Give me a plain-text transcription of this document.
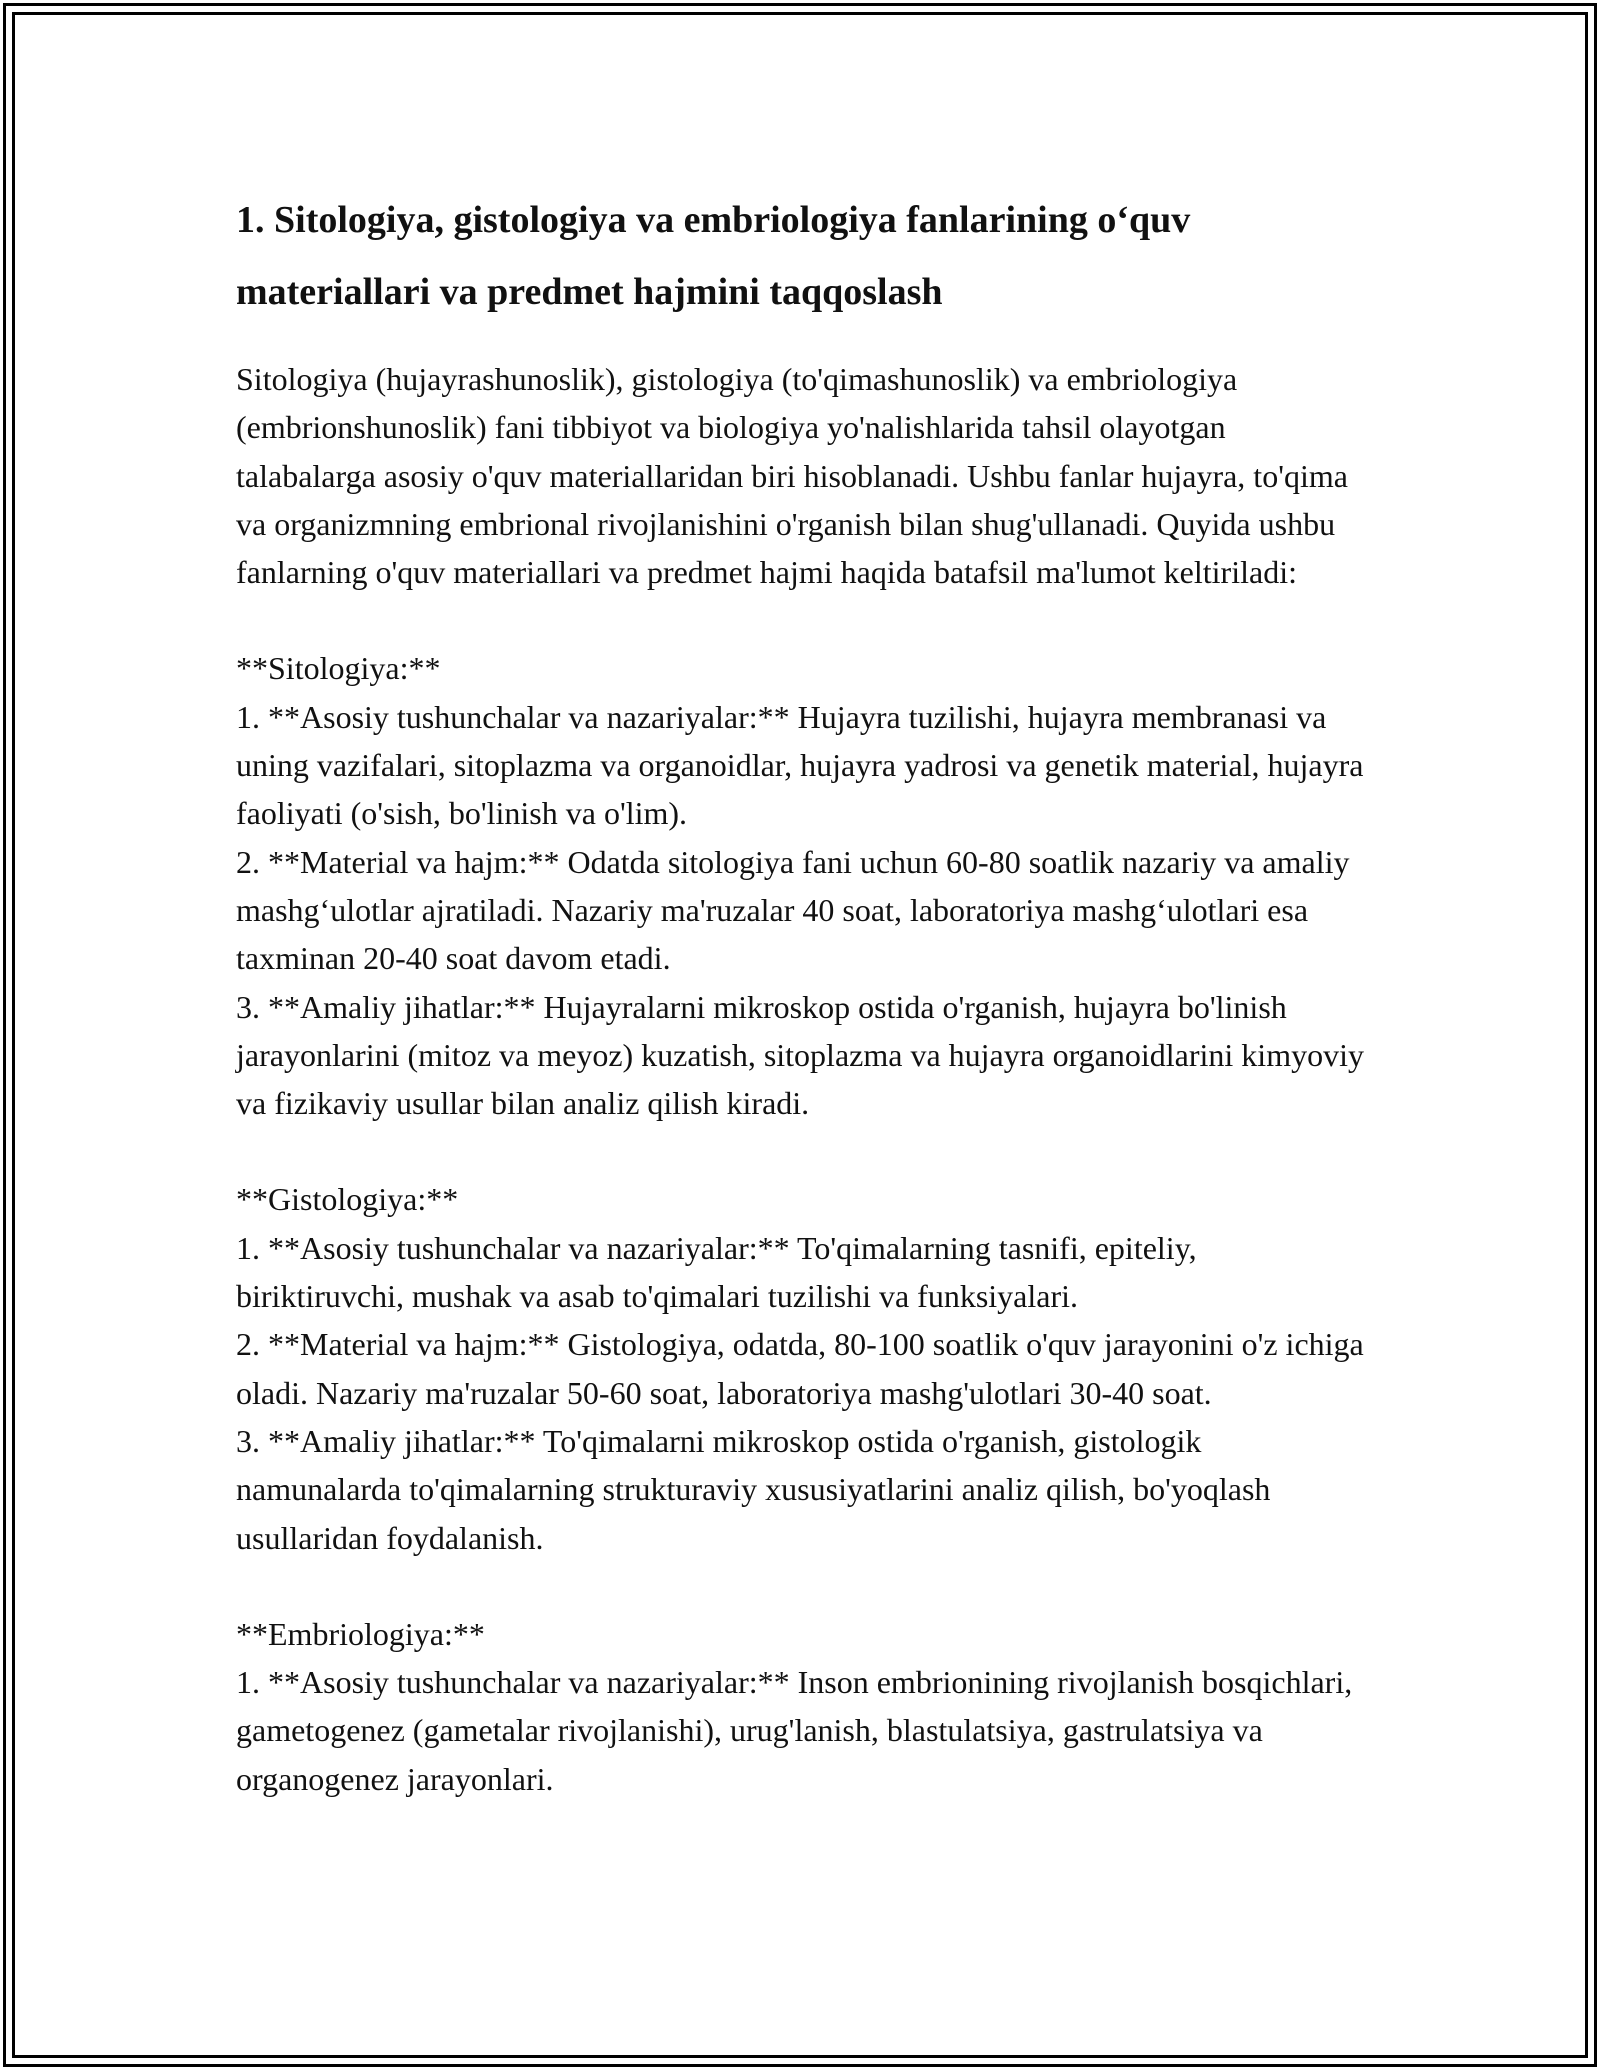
1. Sitologiya, gistologiya va embriologiya fanlarining o‘quv materiallari va predmet hajmini taqqoslash

Sitologiya (hujayrashunoslik), gistologiya (to'qimashunoslik) va embriologiya (embrionshunoslik) fani tibbiyot va biologiya yo'nalishlarida tahsil olayotgan talabalarga asosiy o'quv materiallaridan biri hisoblanadi. Ushbu fanlar hujayra, to'qima va organizmning embrional rivojlanishini o'rganish bilan shug'ullanadi. Quyida ushbu fanlarning o'quv materiallari va predmet hajmi haqida batafsil ma'lumot keltiriladi:

**Sitologiya:**

1. **Asosiy tushunchalar va nazariyalar:** Hujayra tuzilishi, hujayra membranasi va uning vazifalari, sitoplazma va organoidlar, hujayra yadrosi va genetik material, hujayra faoliyati (o'sish, bo'linish va o'lim).

2. **Material va hajm:** Odatda sitologiya fani uchun 60-80 soatlik nazariy va amaliy mashg‘ulotlar ajratiladi. Nazariy ma'ruzalar 40 soat, laboratoriya mashg‘ulotlari esa taxminan 20-40 soat davom etadi.

3. **Amaliy jihatlar:** Hujayralarni mikroskop ostida o'rganish, hujayra bo'linish jarayonlarini (mitoz va meyoz) kuzatish, sitoplazma va hujayra organoidlarini kimyoviy va fizikaviy usullar bilan analiz qilish kiradi.

**Gistologiya:**

1. **Asosiy tushunchalar va nazariyalar:** To'qimalarning tasnifi, epiteliy, biriktiruvchi, mushak va asab to'qimalari tuzilishi va funksiyalari.

2. **Material va hajm:** Gistologiya, odatda, 80-100 soatlik o'quv jarayonini o'z ichiga oladi. Nazariy ma'ruzalar 50-60 soat, laboratoriya mashg'ulotlari 30-40 soat.

3. **Amaliy jihatlar:** To'qimalarni mikroskop ostida o'rganish, gistologik namunalarda to'qimalarning strukturaviy xususiyatlarini analiz qilish, bo'yoqlash usullaridan foydalanish.

**Embriologiya:**

1. **Asosiy tushunchalar va nazariyalar:** Inson embrionining rivojlanish bosqichlari, gametogenez (gametalar rivojlanishi), urug'lanish, blastulatsiya, gastrulatsiya va organogenez jarayonlari.
